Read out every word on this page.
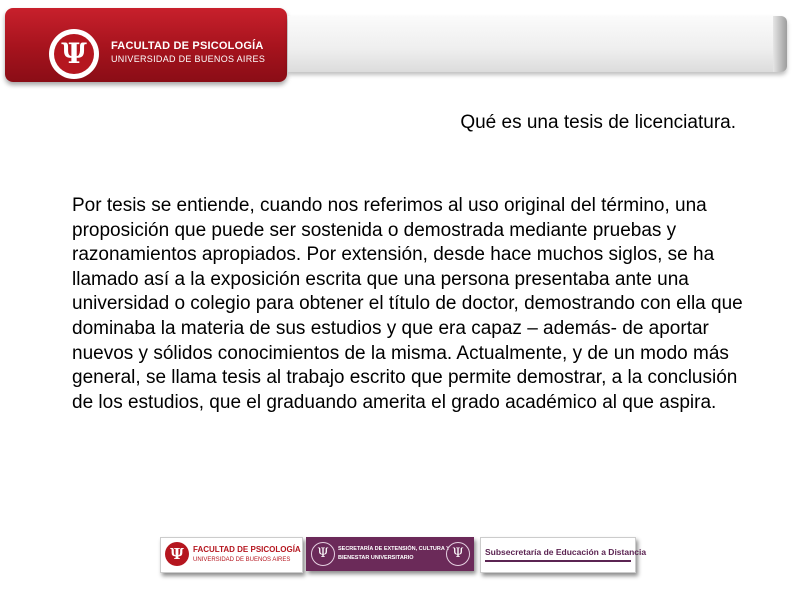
Ψ	FACULTAD DE PSICOLOGÍA
UNIVERSIDAD DE BUENOS AIRES
Qué es una tesis de licenciatura.

Por tesis se entiende, cuando nos referimos al uso original del término, una proposición que puede ser sostenida o demostrada mediante pruebas y razonamientos apropiados. Por extensión, desde hace muchos siglos, se ha llamado así a la exposición escrita que una persona presentaba ante una universidad o colegio para obtener el título de doctor, demostrando con ella que dominaba la materia de sus estudios y que era capaz – además- de aportar nuevos y sólidos conocimientos de la misma. Actualmente, y de un modo más general, se llama tesis al trabajo escrito que permite demostrar, a la conclusión de los estudios, que el graduando amerita el grado académico al que aspira.

Ψ	FACULTAD DE PSICOLOGÍA
UNIVERSIDAD DE BUENOS AIRES	Ψ	SECRETARÍA DE EXTENSIÓN, CULTURA Y
BIENESTAR UNIVERSITARIO	Ψ	Subsecretaría de Educación a Distancia
